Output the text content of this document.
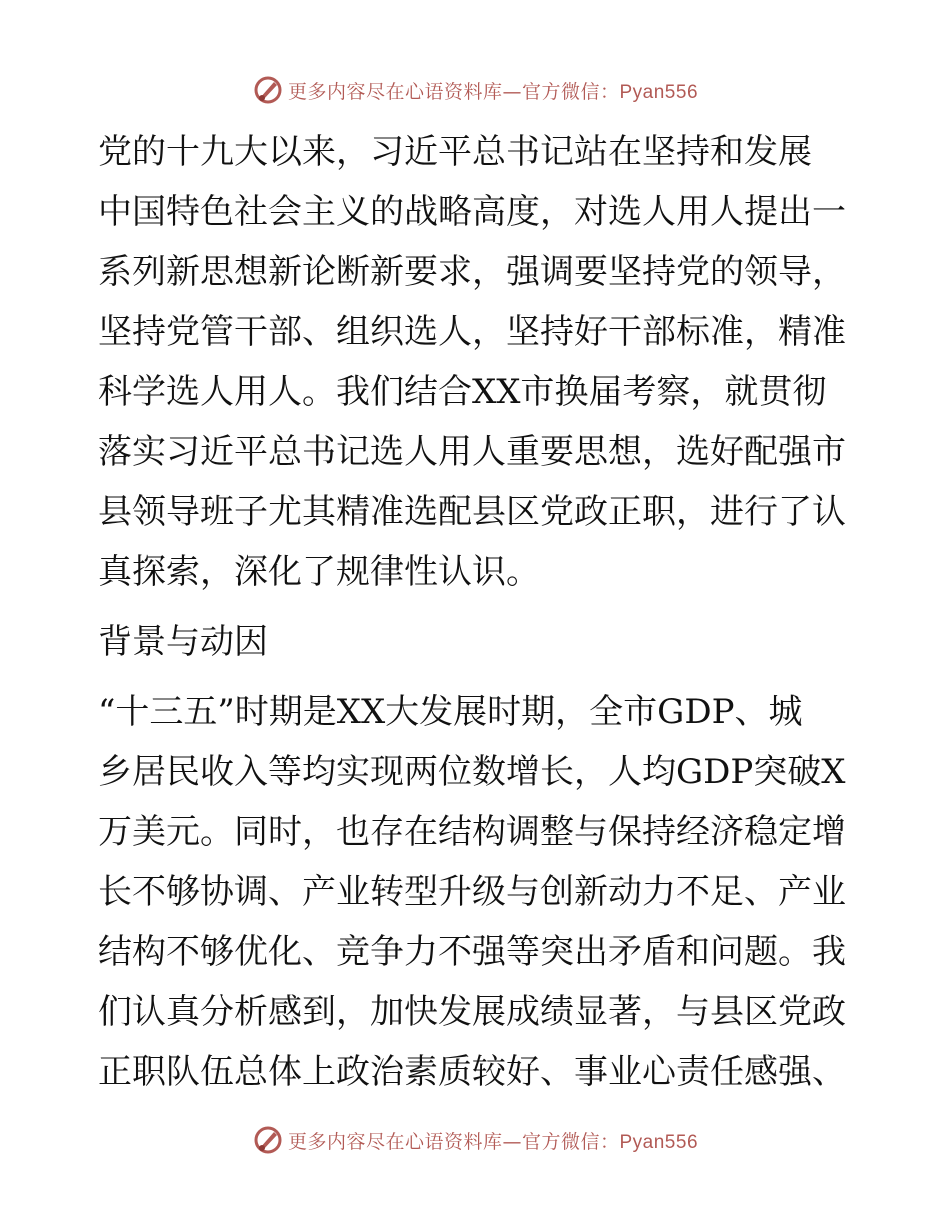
更多内容尽在心语资料库—官方微信：Pyan556

党的十九大以来，习近平总书记站在坚持和发展
中国特色社会主义的战略高度，对选人用人提出一
系列新思想新论断新要求，强调要坚持党的领导，
坚持党管干部、组织选人，坚持好干部标准，精准
科学选人用人。我们结合XX市换届考察，就贯彻
落实习近平总书记选人用人重要思想，选好配强市
县领导班子尤其精准选配县区党政正职，进行了认
真探索，深化了规律性认识。

背景与动因

“十三五”时期是XX大发展时期，全市GDP、城
乡居民收入等均实现两位数增长，人均GDP突破X
万美元。同时，也存在结构调整与保持经济稳定增
长不够协调、产业转型升级与创新动力不足、产业
结构不够优化、竞争力不强等突出矛盾和问题。我
们认真分析感到，加快发展成绩显著，与县区党政
正职队伍总体上政治素质较好、事业心责任感强、

更多内容尽在心语资料库—官方微信：Pyan556
